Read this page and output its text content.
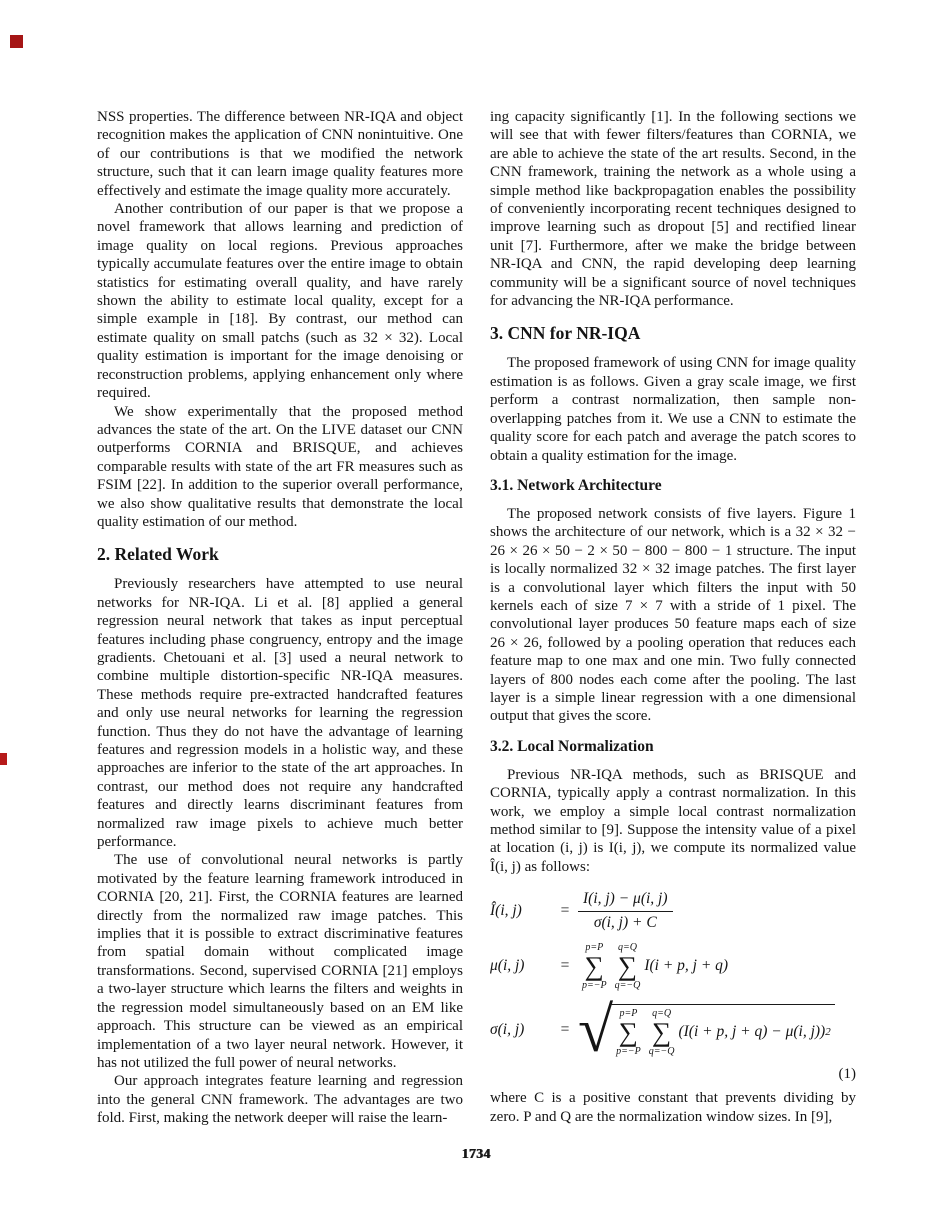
NSS properties. The difference between NR-IQA and object recognition makes the application of CNN nonintuitive. One of our contributions is that we modified the network structure, such that it can learn image quality features more effectively and estimate the image quality more accurately.

Another contribution of our paper is that we propose a novel framework that allows learning and prediction of image quality on local regions. Previous approaches typically accumulate features over the entire image to obtain statistics for estimating overall quality, and have rarely shown the ability to estimate local quality, except for a simple example in [18]. By contrast, our method can estimate quality on small patchs (such as 32 × 32). Local quality estimation is important for the image denoising or reconstruction problems, applying enhancement only where required.

We show experimentally that the proposed method advances the state of the art. On the LIVE dataset our CNN outperforms CORNIA and BRISQUE, and achieves comparable results with state of the art FR measures such as FSIM [22]. In addition to the superior overall performance, we also show qualitative results that demonstrate the local quality estimation of our method.

2. Related Work

Previously researchers have attempted to use neural networks for NR-IQA. Li et al. [8] applied a general regression neural network that takes as input perceptual features including phase congruency, entropy and the image gradients. Chetouani et al. [3] used a neural network to combine multiple distortion-specific NR-IQA measures. These methods require pre-extracted handcrafted features and only use neural networks for learning the regression function. Thus they do not have the advantage of learning features and regression models in a holistic way, and these approaches are inferior to the state of the art approaches. In contrast, our method does not require any handcrafted features and directly learns discriminant features from normalized raw image pixels to achieve much better performance.

The use of convolutional neural networks is partly motivated by the feature learning framework introduced in CORNIA [20, 21]. First, the CORNIA features are learned directly from the normalized raw image patches. This implies that it is possible to extract discriminative features from spatial domain without complicated image transformations. Second, supervised CORNIA [21] employs a two-layer structure which learns the filters and weights in the regression model simultaneously based on an EM like approach. This structure can be viewed as an empirical implementation of a two layer neural network. However, it has not utilized the full power of neural networks.

Our approach integrates feature learning and regression into the general CNN framework. The advantages are two fold. First, making the network deeper will raise the learn-

ing capacity significantly [1]. In the following sections we will see that with fewer filters/features than CORNIA, we are able to achieve the state of the art results. Second, in the CNN framework, training the network as a whole using a simple method like backpropagation enables the possibility of conveniently incorporating recent techniques designed to improve learning such as dropout [5] and rectified linear unit [7]. Furthermore, after we make the bridge between NR-IQA and CNN, the rapid developing deep learning community will be a significant source of novel techniques for advancing the NR-IQA performance.

3. CNN for NR-IQA

The proposed framework of using CNN for image quality estimation is as follows. Given a gray scale image, we first perform a contrast normalization, then sample non-overlapping patches from it. We use a CNN to estimate the quality score for each patch and average the patch scores to obtain a quality estimation for the image.

3.1. Network Architecture

The proposed network consists of five layers. Figure 1 shows the architecture of our network, which is a 32 × 32 − 26 × 26 × 50 − 2 × 50 − 800 − 800 − 1 structure. The input is locally normalized 32 × 32 image patches. The first layer is a convolutional layer which filters the input with 50 kernels each of size 7 × 7 with a stride of 1 pixel. The convolutional layer produces 50 feature maps each of size 26 × 26, followed by a pooling operation that reduces each feature map to one max and one min. Two fully connected layers of 800 nodes each come after the pooling. The last layer is a simple linear regression with a one dimensional output that gives the score.

3.2. Local Normalization

Previous NR-IQA methods, such as BRISQUE and CORNIA, typically apply a contrast normalization. In this work, we employ a simple local contrast normalization method similar to [9]. Suppose the intensity value of a pixel at location (i, j) is I(i, j), we compute its normalized value Î(i, j) as follows:

Î(i, j)	= $\frac{I(i, j) - \mu(i, j)}{\sigma(i, j) + C}$
μ(i, j)	=
p=P
∑
p=−P
q=Q
∑
q=−Q
I(i + p, j + q)
σ(i, j)	= √ p=P
∑
p=−P
q=Q
∑
q=−Q
(I(i + p, j + q) − μ(i, j)) 2
(1)

where C is a positive constant that prevents dividing by zero. P and Q are the normalization window sizes. In [9],

1734
